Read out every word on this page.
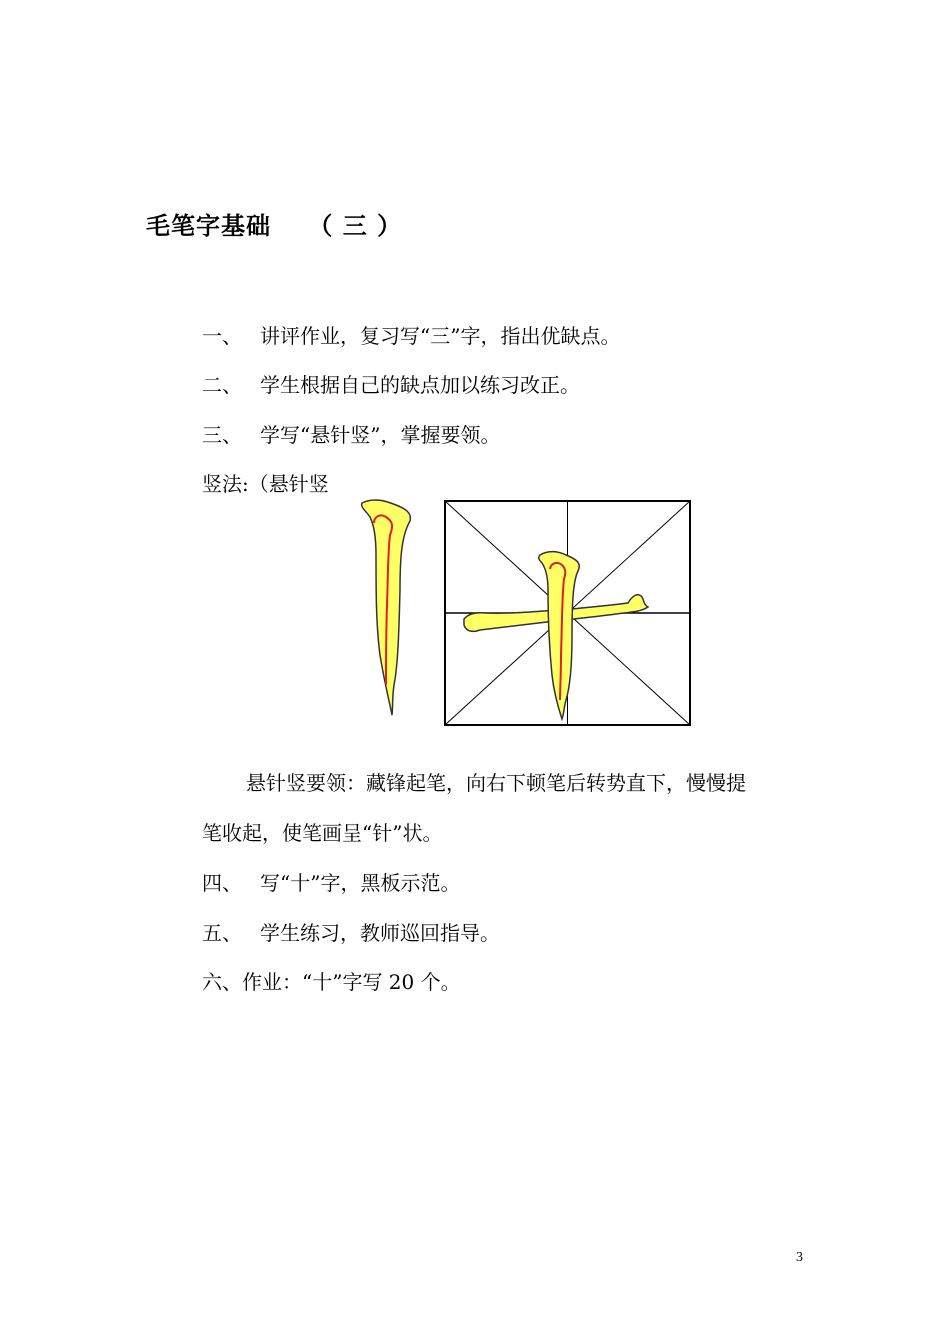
毛笔字基础    （ 三 ）
一、 讲评作业，复习写“三”字，指出优缺点。
二、 学生根据自己的缺点加以练习改正。
三、 学写“悬针竖”，掌握要领。
竖法:（悬针竖
悬针竖要领：藏锋起笔，向右下顿笔后转势直下，慢慢提
笔收起，使笔画呈“针”状。
四、 写“十”字，黑板示范。
五、 学生练习，教师巡回指导。
六、作业：“十”字写 20 个。
3
